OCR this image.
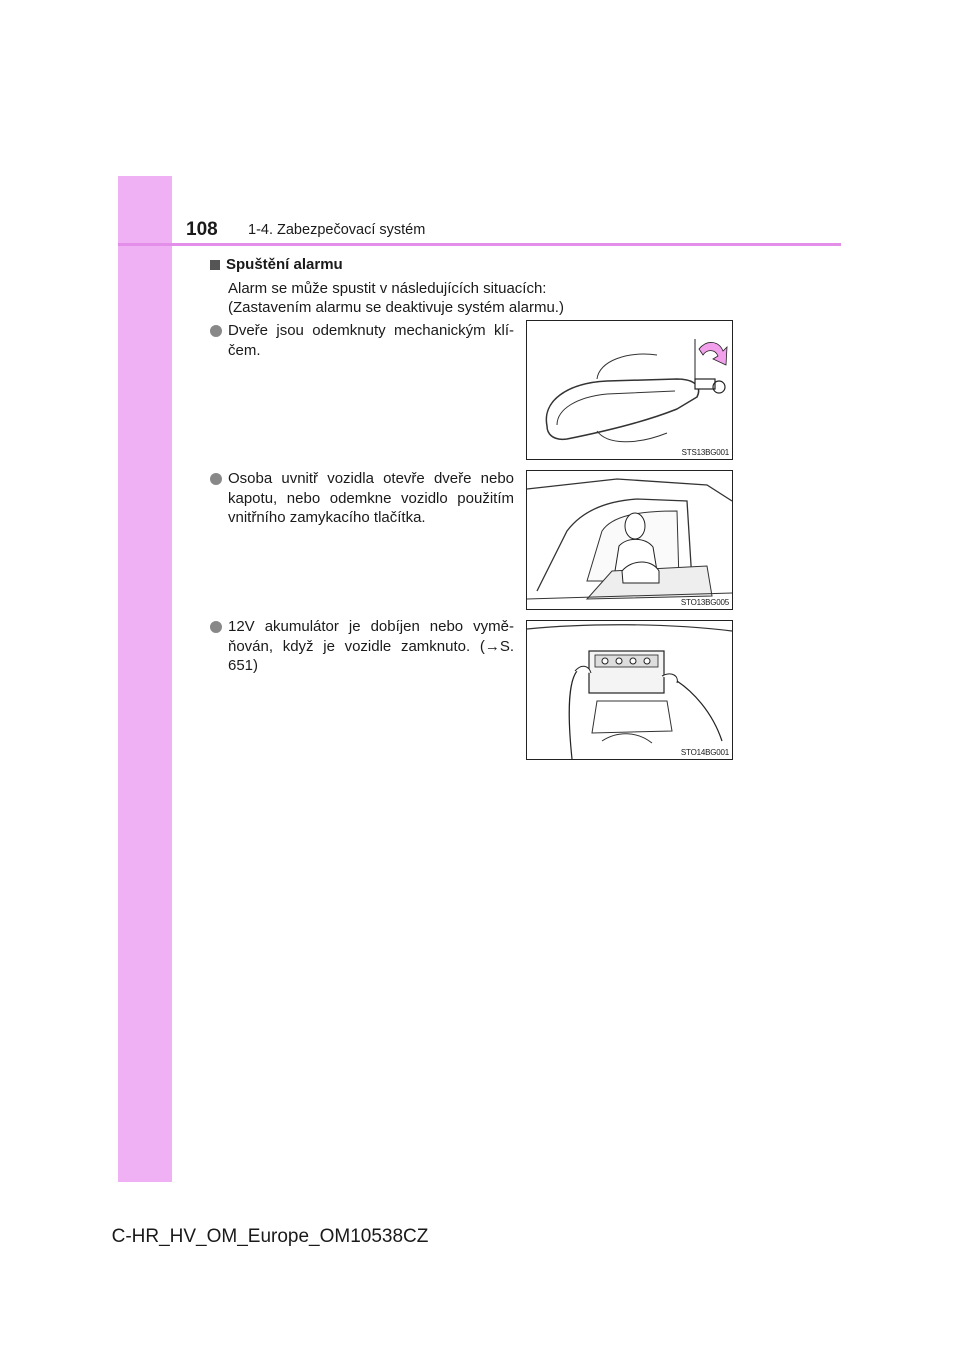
108 1-4. Zabezpečovací systém
Spuštění alarmu
Alarm se může spustit v následujících situacích:
(Zastavením alarmu se deaktivuje systém alarmu.)
Dveře jsou odemknuty mechanickým klí-čem.
STS13BG001
Osoba uvnitř vozidla otevře dveře nebo kapotu, nebo odemkne vozidlo použitím vnitřního zamykacího tlačítka.
STO13BG005
12V akumulátor je dobíjen nebo vymě-ňován, když je vozidle zamknuto. (→S. 651)
STO14BG001
C-HR_HV_OM_Europe_OM10538CZ
